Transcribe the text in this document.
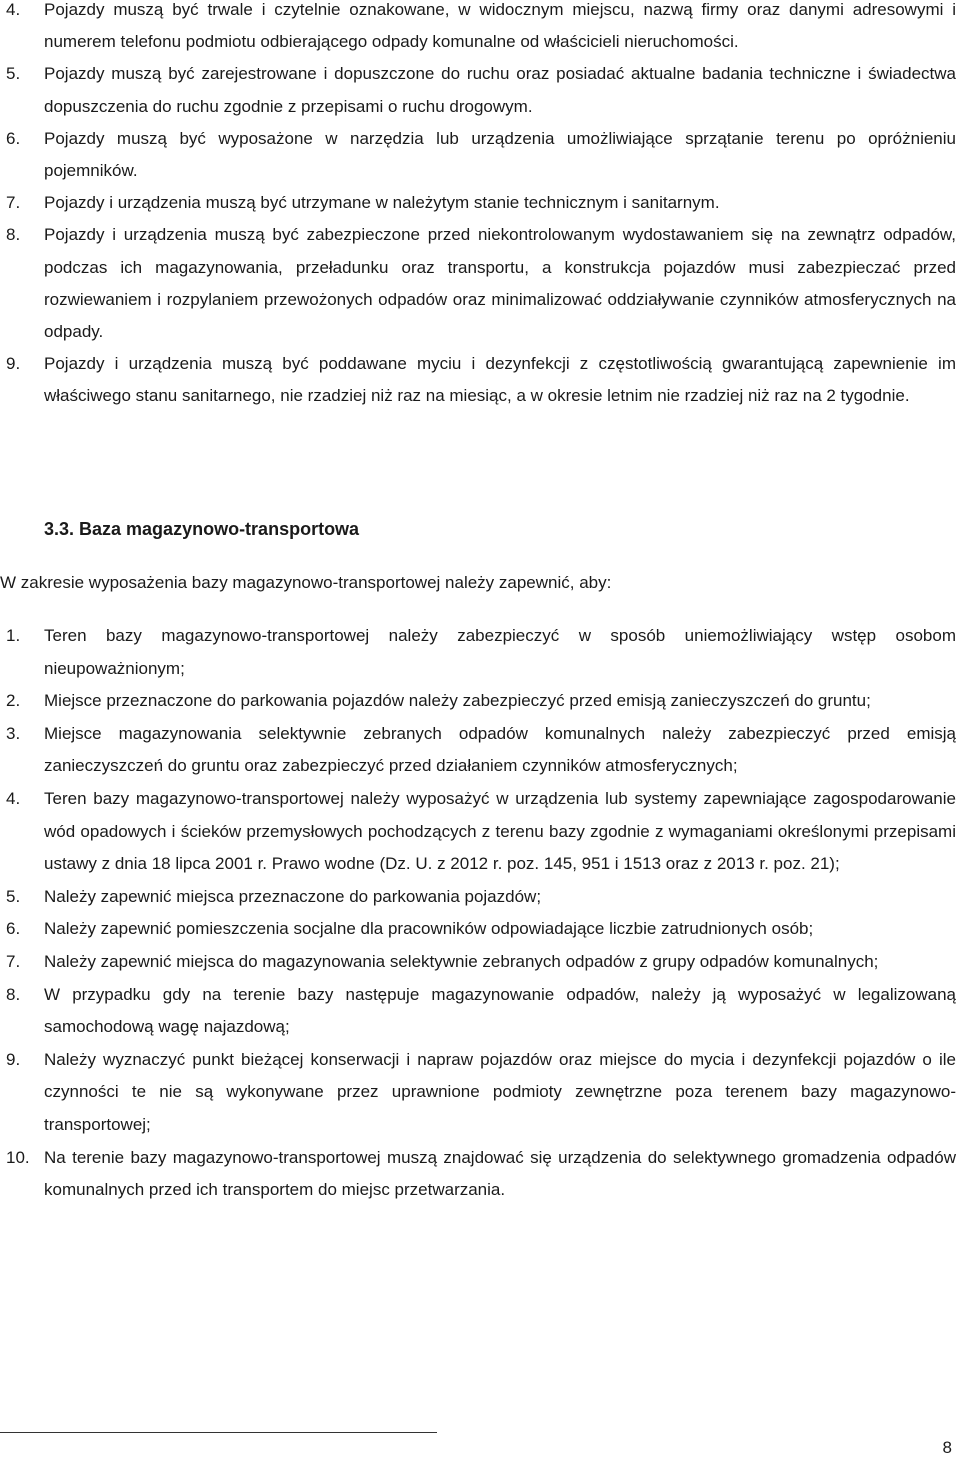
4. Pojazdy muszą być trwale i czytelnie oznakowane, w widocznym miejscu, nazwą firmy oraz danymi adresowymi i numerem telefonu podmiotu odbierającego odpady komunalne od właścicieli nieruchomości.
5. Pojazdy muszą być zarejestrowane i dopuszczone do ruchu oraz posiadać aktualne badania techniczne i świadectwa dopuszczenia do ruchu zgodnie z przepisami o ruchu drogowym.
6. Pojazdy muszą być wyposażone w narzędzia lub urządzenia umożliwiające sprzątanie terenu po opróżnieniu pojemników.
7. Pojazdy i urządzenia muszą być utrzymane w należytym stanie technicznym i sanitarnym.
8. Pojazdy i urządzenia muszą być zabezpieczone przed niekontrolowanym wydostawaniem się na zewnątrz odpadów, podczas ich magazynowania, przeładunku oraz transportu, a konstrukcja pojazdów musi zabezpieczać przed rozwiewaniem i rozpylaniem przewożonych odpadów oraz minimalizować oddziaływanie czynników atmosferycznych na odpady.
9. Pojazdy i urządzenia muszą być poddawane myciu i dezynfekcji z częstotliwością gwarantującą zapewnienie im właściwego stanu sanitarnego, nie rzadziej niż raz na miesiąc, a w okresie letnim nie rzadziej niż raz na 2 tygodnie.
3.3. Baza magazynowo-transportowa

W zakresie wyposażenia bazy magazynowo-transportowej należy zapewnić, aby:

1. Teren bazy magazynowo-transportowej należy zabezpieczyć w sposób uniemożliwiający wstęp osobom nieupoważnionym;
2. Miejsce przeznaczone do parkowania pojazdów należy zabezpieczyć przed emisją zanieczyszczeń do gruntu;
3. Miejsce magazynowania selektywnie zebranych odpadów komunalnych należy zabezpieczyć przed emisją zanieczyszczeń do gruntu oraz zabezpieczyć przed działaniem czynników atmosferycznych;
4. Teren bazy magazynowo-transportowej należy wyposażyć w urządzenia lub systemy zapewniające zagospodarowanie wód opadowych i ścieków przemysłowych pochodzących z terenu bazy zgodnie z wymaganiami określonymi przepisami ustawy z dnia 18 lipca 2001 r. Prawo wodne (Dz. U. z 2012 r. poz. 145, 951 i 1513 oraz z 2013 r. poz. 21);
5. Należy zapewnić miejsca przeznaczone do parkowania pojazdów;
6. Należy zapewnić pomieszczenia socjalne dla pracowników odpowiadające liczbie zatrudnionych osób;
7. Należy zapewnić miejsca do magazynowania selektywnie zebranych odpadów z grupy odpadów komunalnych;
8. W przypadku gdy na terenie bazy następuje magazynowanie odpadów, należy ją wyposażyć w legalizowaną samochodową wagę najazdową;
9. Należy wyznaczyć punkt bieżącej konserwacji i napraw pojazdów oraz miejsce do mycia i dezynfekcji pojazdów o ile czynności te nie są wykonywane przez uprawnione podmioty zewnętrzne poza terenem bazy magazynowo-transportowej;
10. Na terenie bazy magazynowo-transportowej muszą znajdować się urządzenia do selektywnego gromadzenia odpadów komunalnych przed ich transportem do miejsc przetwarzania.
8
